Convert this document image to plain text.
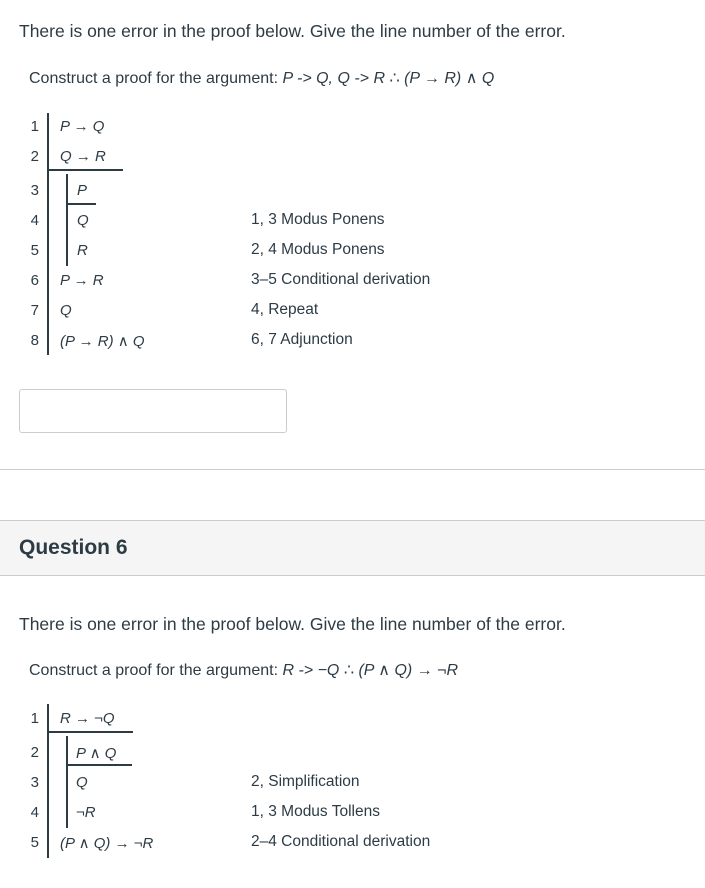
There is one error in the proof below. Give the line number of the error.
Construct a proof for the argument: P -> Q, Q -> R ∴ (P → R) ∧ Q
1 P → Q
2 Q → R
3	P
4	Q	1, 3 Modus Ponens
5	R	2, 4 Modus Ponens
6 P → R	3–5 Conditional derivation
7 Q	4, Repeat
8 (P → R) ∧ Q	6, 7 Adjunction
Question 6
There is one error in the proof below. Give the line number of the error.
Construct a proof for the argument: R -> −Q ∴ (P ∧ Q) → ¬R
1 R → ¬Q
2 P ∧ Q
3 Q	2, Simplification
4 ¬R	1, 3 Modus Tollens
5 (P ∧ Q) → ¬R	2–4 Conditional derivation
